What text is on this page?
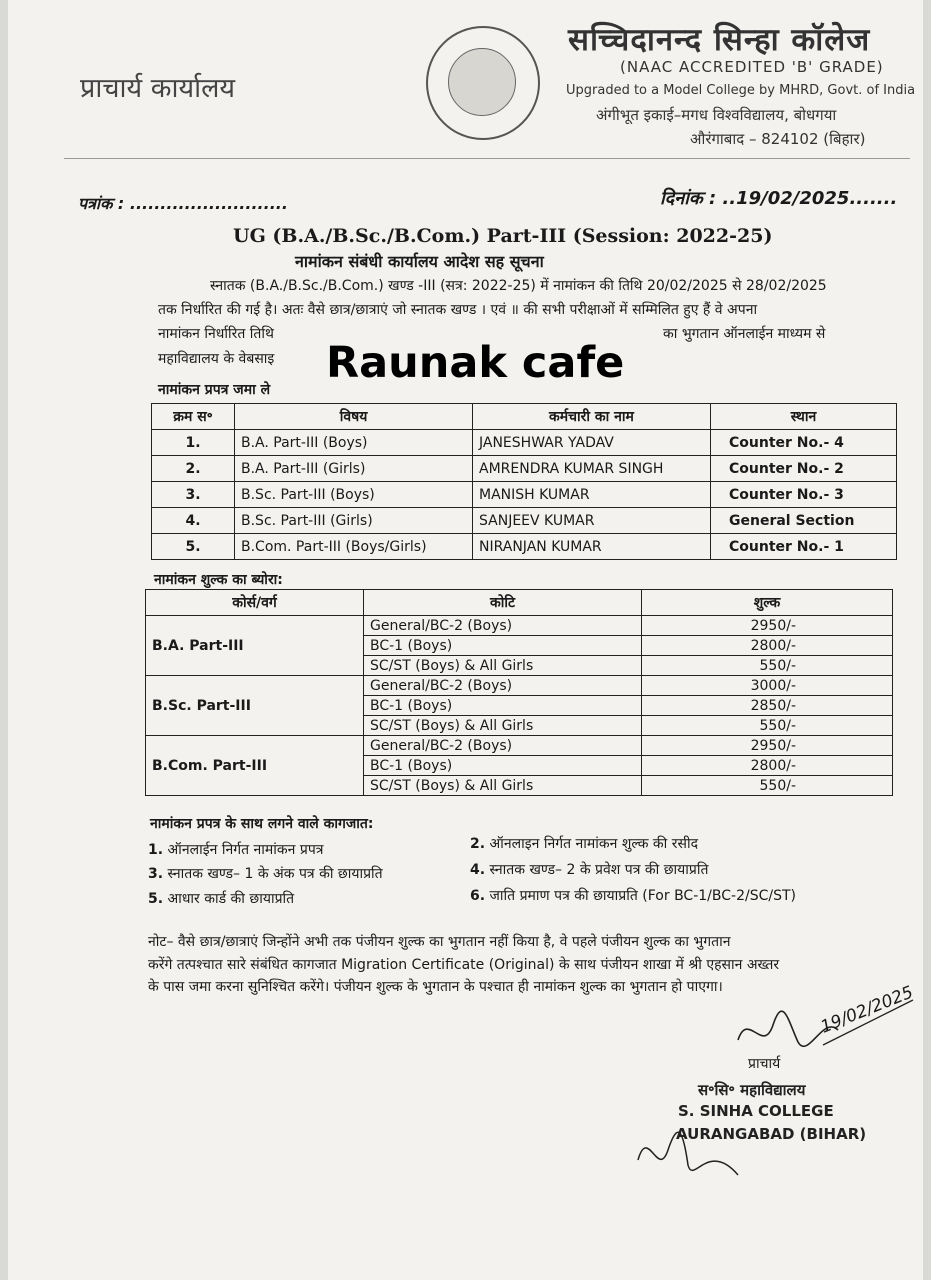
प्राचार्य कार्यालय
सच्चिदानन्द सिन्हा कॉलेज
(NAAC ACCREDITED 'B' GRADE)
Upgraded to a Model College by MHRD, Govt. of India
अंगीभूत इकाई–मगध विश्वविद्यालय, बोधगया
औरंगाबाद – 824102 (बिहार)
पत्रांक : ..........................	दिनांक : ..19/02/2025.......
UG (B.A./B.Sc./B.Com.) Part-III (Session: 2022-25)
नामांकन संबंधी कार्यालय आदेश सह सूचना
स्नातक (B.A./B.Sc./B.Com.) खण्ड -III (सत्र: 2022-25) में नामांकन की तिथि 20/02/2025 से 28/02/2025
तक निर्धारित की गई है। अतः वैसे छात्र/छात्राएं जो स्नातक खण्ड । एवं ॥ की सभी परीक्षाओं में सम्मिलित हुए हैं वे अपना
नामांकन निर्धारित तिथि	का भुगतान ऑनलाईन माध्यम से
महाविद्यालय के वेबसाइ Raunak cafe
नामांकन प्रपत्र जमा ले
क्रम स॰	विषय	कर्मचारी का नाम	स्थान
1.	B.A. Part-III (Boys)	JANESHWAR YADAV	Counter No.- 4
2.	B.A. Part-III (Girls)	AMRENDRA KUMAR SINGH	Counter No.- 2
3.	B.Sc. Part-III (Boys)	MANISH KUMAR	Counter No.- 3
4.	B.Sc. Part-III (Girls)	SANJEEV KUMAR	General Section
5.	B.Com. Part-III (Boys/Girls)	NIRANJAN KUMAR	Counter No.- 1
नामांकन शुल्क का ब्योरा:
कोर्स/वर्ग	कोटि	शुल्क
B.A. Part-III	General/BC-2 (Boys)	2950/-
	BC-1 (Boys)	2800/-
	SC/ST (Boys) & All Girls	550/-
B.Sc. Part-III	General/BC-2 (Boys)	3000/-
	BC-1 (Boys)	2850/-
	SC/ST (Boys) & All Girls	550/-
B.Com. Part-III	General/BC-2 (Boys)	2950/-
	BC-1 (Boys)	2800/-
	SC/ST (Boys) & All Girls	550/-
नामांकन प्रपत्र के साथ लगने वाले कागजात:
1. ऑनलाईन निर्गत नामांकन प्रपत्र	2. ऑनलाइन निर्गत नामांकन शुल्क की रसीद
3. स्नातक खण्ड– 1 के अंक पत्र की छायाप्रति	4. स्नातक खण्ड– 2 के प्रवेश पत्र की छायाप्रति
5. आधार कार्ड की छायाप्रति	6. जाति प्रमाण पत्र की छायाप्रति (For BC-1/BC-2/SC/ST)
नोट– वैसे छात्र/छात्राएं जिन्होंने अभी तक पंजीयन शुल्क का भुगतान नहीं किया है, वे पहले पंजीयन शुल्क का भुगतान
करेंगे तत्पश्चात सारे संबंधित कागजात Migration Certificate (Original) के साथ पंजीयन शाखा में श्री एहसान अख्तर
के पास जमा करना सुनिश्चित करेंगे। पंजीयन शुल्क के भुगतान के पश्चात ही नामांकन शुल्क का भुगतान हो पाएगा।	19/02/2025
प्राचार्य
स॰सि॰ महाविद्यालय
S. SINHA COLLEGE
AURANGABAD (BIHAR)
